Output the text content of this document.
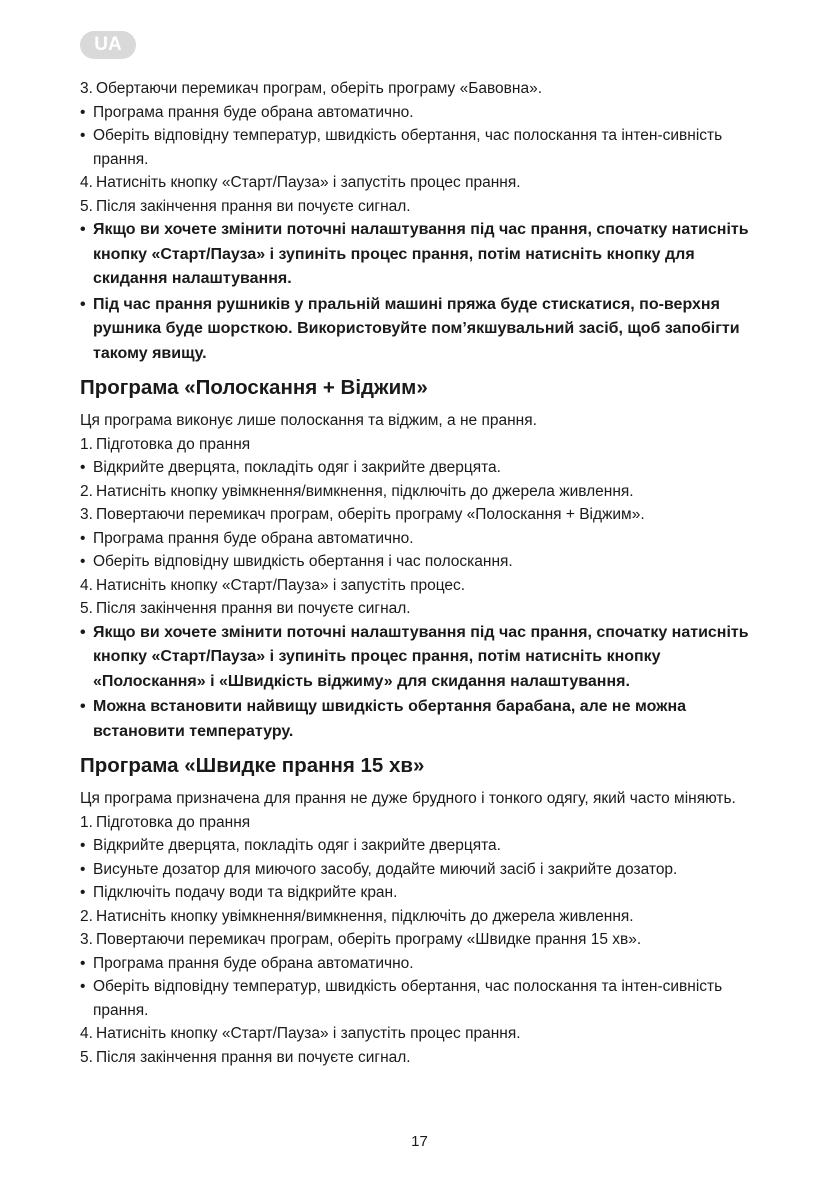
UA
3. Обертаючи перемикач програм, оберіть програму «Бавовна».
• Програма прання буде обрана автоматично.
• Оберіть відповідну температур, швидкість обертання, час полоскання та інтен-сивність прання.
4. Натисніть кнопку «Старт/Пауза» і запустіть процес прання.
5. Після закінчення прання ви почуєте сигнал.
• Якщо ви хочете змінити поточні налаштування під час прання, спочатку натисніть кнопку «Старт/Пауза» і зупиніть процес прання, потім натисніть кнопку для скидання налаштування.
• Під час прання рушників у пральній машині пряжа буде стискатися, по-верхня рушника буде шорсткою. Використовуйте пом’якшувальний засіб, щоб запобігти такому явищу.
Програма «Полоскання + Віджим»
Ця програма виконує лише полоскання та віджим, а не прання.
1. Підготовка до прання
• Відкрийте дверцята, покладіть одяг і закрийте дверцята.
2. Натисніть кнопку увімкнення/вимкнення, підключіть до джерела живлення.
3. Повертаючи перемикач програм, оберіть програму «Полоскання + Віджим».
• Програма прання буде обрана автоматично.
• Оберіть відповідну швидкість обертання і час полоскання.
4. Натисніть кнопку «Старт/Пауза» і запустіть процес.
5. Після закінчення прання ви почуєте сигнал.
• Якщо ви хочете змінити поточні налаштування під час прання, спочатку натисніть кнопку «Старт/Пауза» і зупиніть процес прання, потім натисніть кнопку «Полоскання» і «Швидкість віджиму» для скидання налаштування.
• Можна встановити найвищу швидкість обертання барабана, але не можна встановити температуру.
Програма «Швидке прання 15 хв»
Ця програма призначена для прання не дуже брудного і тонкого одягу, який часто міняють.
1. Підготовка до прання
• Відкрийте дверцята, покладіть одяг і закрийте дверцята.
• Висуньте дозатор для миючого засобу, додайте миючий засіб і закрийте дозатор.
• Підключіть подачу води та відкрийте кран.
2. Натисніть кнопку увімкнення/вимкнення, підключіть до джерела живлення.
3. Повертаючи перемикач програм, оберіть програму «Швидке прання 15 хв».
• Програма прання буде обрана автоматично.
• Оберіть відповідну температур, швидкість обертання, час полоскання та інтен-сивність прання.
4. Натисніть кнопку «Старт/Пауза» і запустіть процес прання.
5. Після закінчення прання ви почуєте сигнал.
17
